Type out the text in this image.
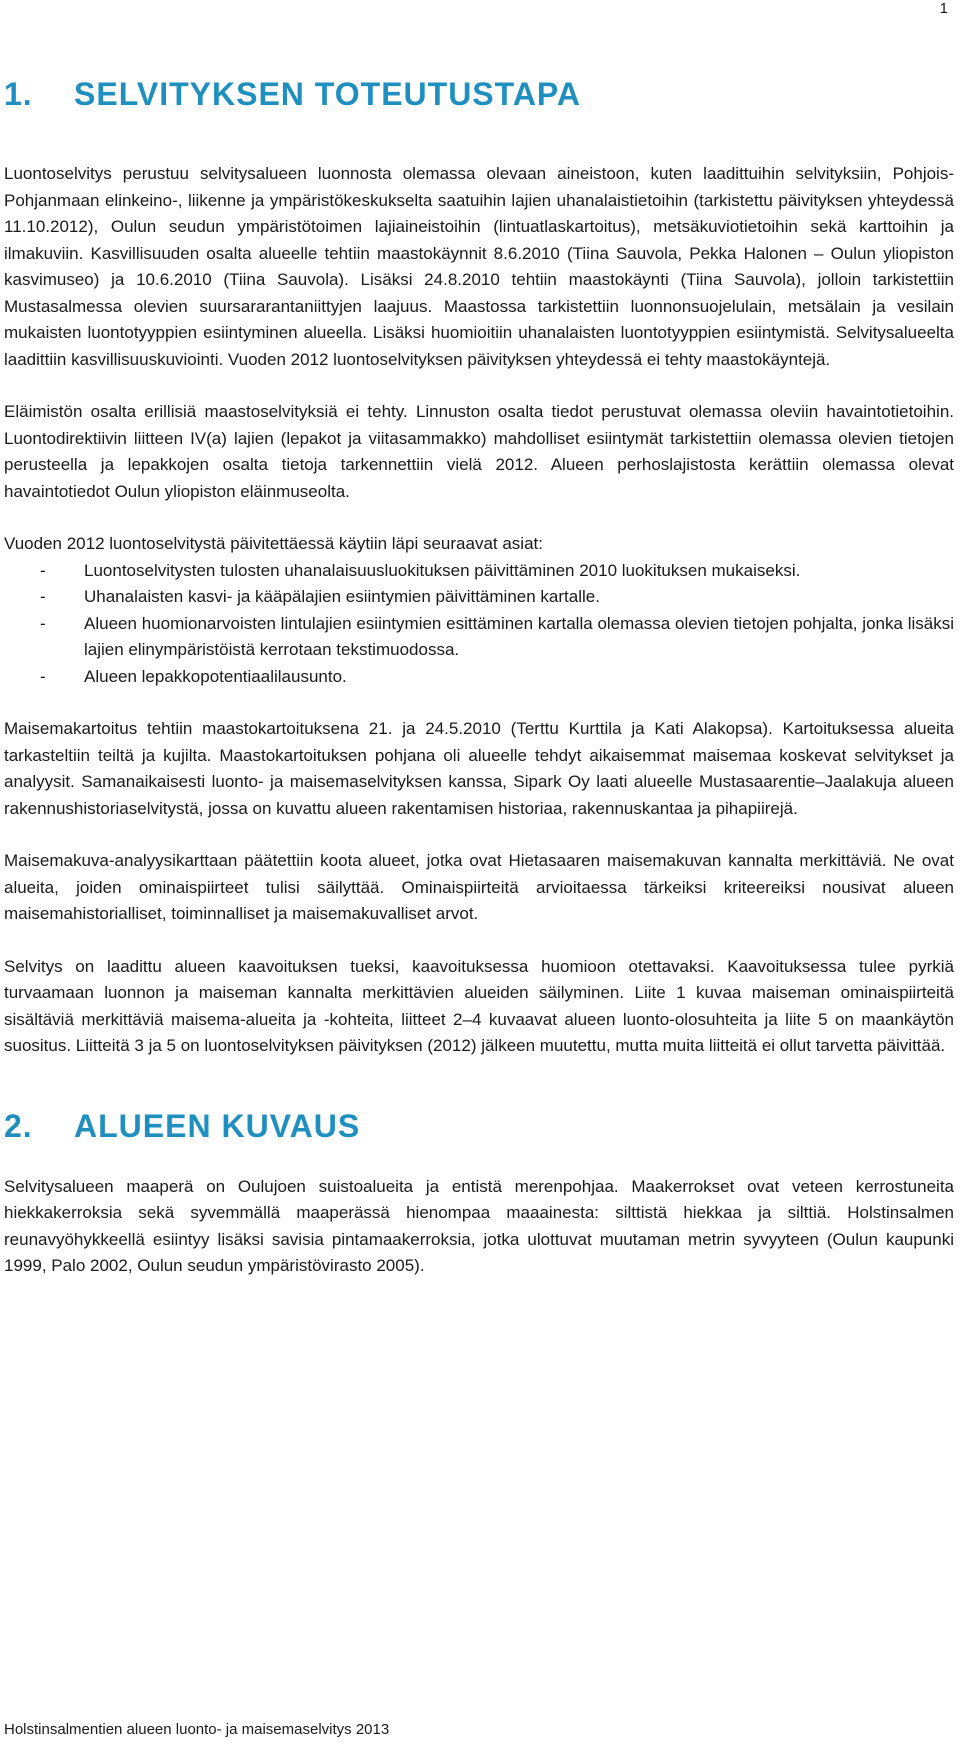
1
1.	SELVITYKSEN TOTEUTUSTAPA

Luontoselvitys perustuu selvitysalueen luonnosta olemassa olevaan aineistoon, kuten laadittuihin selvityksiin, Pohjois-Pohjanmaan elinkeino-, liikenne ja ympäristökeskukselta saatuihin lajien uhanalaistietoihin (tarkistettu päivityksen yhteydessä 11.10.2012), Oulun seudun ympäristötoimen lajiaineistoihin (lintuatlaskartoitus), metsäkuviotietoihin sekä karttoihin ja ilmakuviin. Kasvillisuuden osalta alueelle tehtiin maastokäynnit 8.6.2010 (Tiina Sauvola, Pekka Halonen – Oulun yliopiston kasvimuseo) ja 10.6.2010 (Tiina Sauvola). Lisäksi 24.8.2010 tehtiin maastokäynti (Tiina Sauvola), jolloin tarkistettiin Mustasalmessa olevien suursararantaniittyjen laajuus. Maastossa tarkistettiin luonnonsuojelulain, metsälain ja vesilain mukaisten luontotyyppien esiintyminen alueella. Lisäksi huomioitiin uhanalaisten luontotyyppien esiintymistä. Selvitysalueelta laadittiin kasvillisuuskuviointi. Vuoden 2012 luontoselvityksen päivityksen yhteydessä ei tehty maastokäyntejä.

Eläimistön osalta erillisiä maastoselvityksiä ei tehty. Linnuston osalta tiedot perustuvat olemassa oleviin havaintotietoihin. Luontodirektiivin liitteen IV(a) lajien (lepakot ja viitasammakko) mahdolliset esiintymät tarkistettiin olemassa olevien tietojen perusteella ja lepakkojen osalta tietoja tarkennettiin vielä 2012. Alueen perhoslajistosta kerättiin olemassa olevat havaintotiedot Oulun yliopiston eläinmuseolta.

Vuoden 2012 luontoselvitystä päivitettäessä käytiin läpi seuraavat asiat:

-	Luontoselvitysten tulosten uhanalaisuusluokituksen päivittäminen 2010 luokituksen mukaiseksi.
-	Uhanalaisten kasvi- ja kääpälajien esiintymien päivittäminen kartalle.
-	Alueen huomionarvoisten lintulajien esiintymien esittäminen kartalla olemassa olevien tietojen pohjalta, jonka lisäksi lajien elinympäristöistä kerrotaan tekstimuodossa.
-	Alueen lepakkopotentiaalilausunto.

Maisemakartoitus tehtiin maastokartoituksena 21. ja 24.5.2010 (Terttu Kurttila ja Kati Alakopsa). Kartoituksessa alueita tarkasteltiin teiltä ja kujilta. Maastokartoituksen pohjana oli alueelle tehdyt aikaisemmat maisemaa koskevat selvitykset ja analyysit. Samanaikaisesti luonto- ja maisemaselvityksen kanssa, Sipark Oy laati alueelle Mustasaarentie–Jaalakuja alueen rakennushistoriaselvitystä, jossa on kuvattu alueen rakentamisen historiaa, rakennuskantaa ja pihapiirejä.

Maisemakuva-analyysikarttaan päätettiin koota alueet, jotka ovat Hietasaaren maisemakuvan kannalta merkittäviä. Ne ovat alueita, joiden ominaispiirteet tulisi säilyttää. Ominaispiirteitä arvioitaessa tärkeiksi kriteereiksi nousivat alueen maisemahistorialliset, toiminnalliset ja maisemakuvalliset arvot.

Selvitys on laadittu alueen kaavoituksen tueksi, kaavoituksessa huomioon otettavaksi. Kaavoituksessa tulee pyrkiä turvaamaan luonnon ja maiseman kannalta merkittävien alueiden säilyminen. Liite 1 kuvaa maiseman ominaispiirteitä sisältäviä merkittäviä maisema-alueita ja -kohteita, liitteet 2–4 kuvaavat alueen luonto-olosuhteita ja liite 5 on maankäytön suositus. Liitteitä 3 ja 5 on luontoselvityksen päivityksen (2012) jälkeen muutettu, mutta muita liitteitä ei ollut tarvetta päivittää.

2.	ALUEEN KUVAUS

Selvitysalueen maaperä on Oulujoen suistoalueita ja entistä merenpohjaa. Maakerrokset ovat veteen kerrostuneita hiekkakerroksia sekä syvemmällä maaperässä hienompaa maaainesta: silttistä hiekkaa ja silttiä. Holstinsalmen reunavyöhykkeellä esiintyy lisäksi savisia pintamaakerroksia, jotka ulottuvat muutaman metrin syvyyteen (Oulun kaupunki 1999, Palo 2002, Oulun seudun ympäristövirasto 2005).

Holstinsalmentien alueen luonto- ja maisemaselvitys 2013
